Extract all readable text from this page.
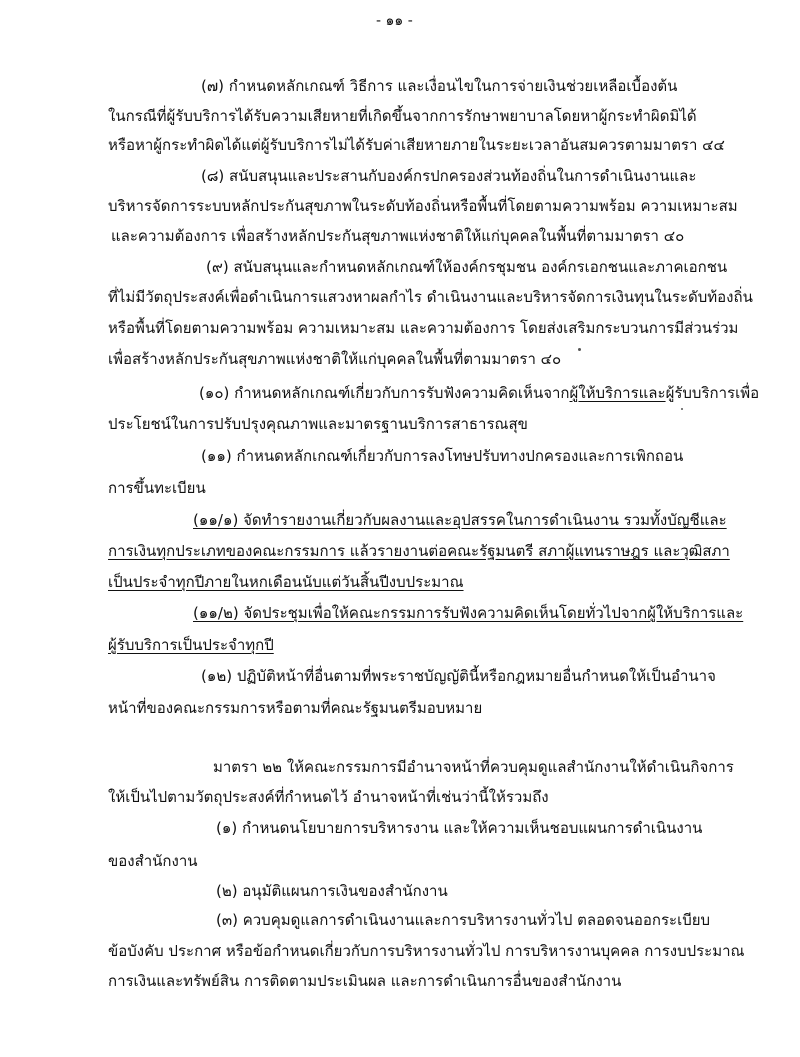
- ๑๑ -
(๗) กำหนดหลักเกณฑ์ วิธีการ และเงื่อนไขในการจ่ายเงินช่วยเหลือเบื้องต้น
ในกรณีที่ผู้รับบริการได้รับความเสียหายที่เกิดขึ้นจากการรักษาพยาบาลโดยหาผู้กระทำผิดมิได้
หรือหาผู้กระทำผิดได้แต่ผู้รับบริการไม่ได้รับค่าเสียหายภายในระยะเวลาอันสมควรตามมาตรา ๔๔
(๘) สนับสนุนและประสานกับองค์กรปกครองส่วนท้องถิ่นในการดำเนินงานและ
บริหารจัดการระบบหลักประกันสุขภาพในระดับท้องถิ่นหรือพื้นที่โดยตามความพร้อม ความเหมาะสม
และความต้องการ เพื่อสร้างหลักประกันสุขภาพแห่งชาติให้แก่บุคคลในพื้นที่ตามมาตรา ๔๐
(๙) สนับสนุนและกำหนดหลักเกณฑ์ให้องค์กรชุมชน องค์กรเอกชนและภาคเอกชน
ที่ไม่มีวัตถุประสงค์เพื่อดำเนินการแสวงหาผลกำไร ดำเนินงานและบริหารจัดการเงินทุนในระดับท้องถิ่น
หรือพื้นที่โดยตามความพร้อม ความเหมาะสม และความต้องการ โดยส่งเสริมกระบวนการมีส่วนร่วม
เพื่อสร้างหลักประกันสุขภาพแห่งชาติให้แก่บุคคลในพื้นที่ตามมาตรา ๔๐
(๑๐) กำหนดหลักเกณฑ์เกี่ยวกับการรับฟังความคิดเห็นจากผู้ให้บริการและผู้รับบริการเพื่อ
ประโยชน์ในการปรับปรุงคุณภาพและมาตรฐานบริการสาธารณสุข
(๑๑) กำหนดหลักเกณฑ์เกี่ยวกับการลงโทษปรับทางปกครองและการเพิกถอน
การขึ้นทะเบียน
(๑๑/๑) จัดทำรายงานเกี่ยวกับผลงานและอุปสรรคในการดำเนินงาน รวมทั้งบัญชีและ
การเงินทุกประเภทของคณะกรรมการ แล้วรายงานต่อคณะรัฐมนตรี สภาผู้แทนราษฎร และวุฒิสภา
เป็นประจำทุกปีภายในหกเดือนนับแต่วันสิ้นปีงบประมาณ
(๑๑/๒) จัดประชุมเพื่อให้คณะกรรมการรับฟังความคิดเห็นโดยทั่วไปจากผู้ให้บริการและ
ผู้รับบริการเป็นประจำทุกปี
(๑๒) ปฏิบัติหน้าที่อื่นตามที่พระราชบัญญัตินี้หรือกฎหมายอื่นกำหนดให้เป็นอำนาจ
หน้าที่ของคณะกรรมการหรือตามที่คณะรัฐมนตรีมอบหมาย
มาตรา ๒๒ ให้คณะกรรมการมีอำนาจหน้าที่ควบคุมดูแลสำนักงานให้ดำเนินกิจการ
ให้เป็นไปตามวัตถุประสงค์ที่กำหนดไว้ อำนาจหน้าที่เช่นว่านี้ให้รวมถึง
(๑) กำหนดนโยบายการบริหารงาน และให้ความเห็นชอบแผนการดำเนินงาน
ของสำนักงาน
(๒) อนุมัติแผนการเงินของสำนักงาน
(๓) ควบคุมดูแลการดำเนินงานและการบริหารงานทั่วไป ตลอดจนออกระเบียบ
ข้อบังคับ ประกาศ หรือข้อกำหนดเกี่ยวกับการบริหารงานทั่วไป การบริหารงานบุคคล การงบประมาณ
การเงินและทรัพย์สิน การติดตามประเมินผล และการดำเนินการอื่นของสำนักงาน
